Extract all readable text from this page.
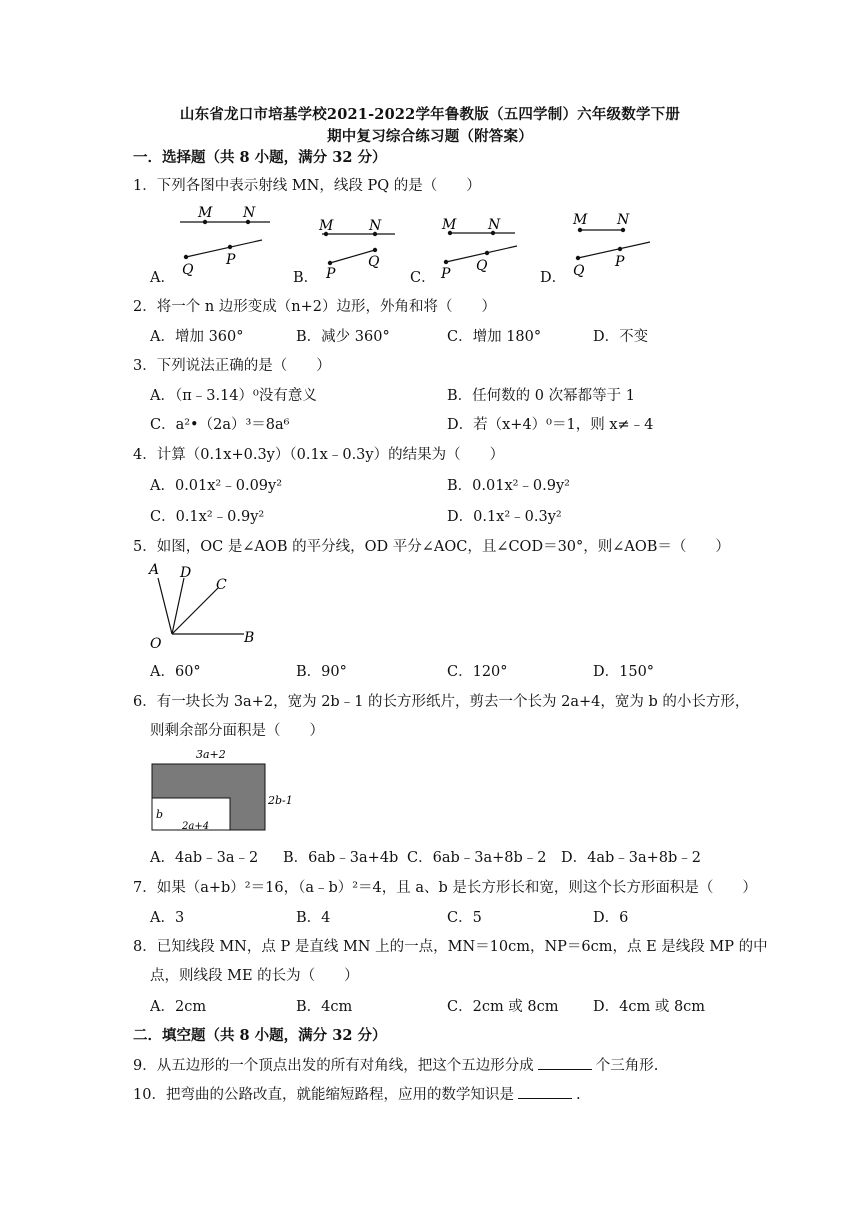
山东省龙口市培基学校2021-2022学年鲁教版（五四学制）六年级数学下册
期中复习综合练习题（附答案）
一．选择题（共 8 小题，满分 32 分）
1．下列各图中表示射线 MN，线段 PQ 的是（　　）
M N
Q
P
M	N
P
Q
M N
P Q
M N
Q
P
A．	B．	C．	D．
2．将一个 n 边形变成（n+2）边形，外角和将（　　）
A．增加 360°	B．减少 360°	C．增加 180°	D．不变
3．下列说法正确的是（　　）
A．（π﹣3.14）⁰没有意义	B．任何数的 0 次幂都等于 1
C．a²•（2a）³＝8a⁶	D．若（x+4）⁰＝1，则 x≠﹣4
4．计算（0.1x+0.3y）（0.1x﹣0.3y）的结果为（　　）
A．0.01x²﹣0.09y²	B．0.01x²﹣0.9y²
C．0.1x²﹣0.9y²	D．0.1x²﹣0.3y²
5．如图，OC 是∠AOB 的平分线，OD 平分∠AOC，且∠COD＝30°，则∠AOB＝（　　）
A D
C
O	B
A．60°	B．90°	C．120°	D．150°
6．有一块长为 3a+2，宽为 2b﹣1 的长方形纸片，剪去一个长为 2a+4，宽为 b 的小长方形，
则剩余部分面积是（　　）
3a+2
2b-1
b
2a+4
A．4ab﹣3a﹣2 B．6ab﹣3a+4b C．6ab﹣3a+8b﹣2 D．4ab﹣3a+8b﹣2
7．如果（a+b）²＝16，（a﹣b）²＝4，且 a、b 是长方形长和宽，则这个长方形面积是（　　）
A．3	B．4	C．5	D．6
8．已知线段 MN，点 P 是直线 MN 上的一点，MN＝10cm，NP＝6cm，点 E 是线段 MP 的中
点，则线段 ME 的长为（　　）
A．2cm	B．4cm	C．2cm 或 8cm D．4cm 或 8cm
二．填空题（共 8 小题，满分 32 分）
9．从五边形的一个顶点出发的所有对角线，把这个五边形分成	个三角形.
10．把弯曲的公路改直，就能缩短路程，应用的数学知识是	.
